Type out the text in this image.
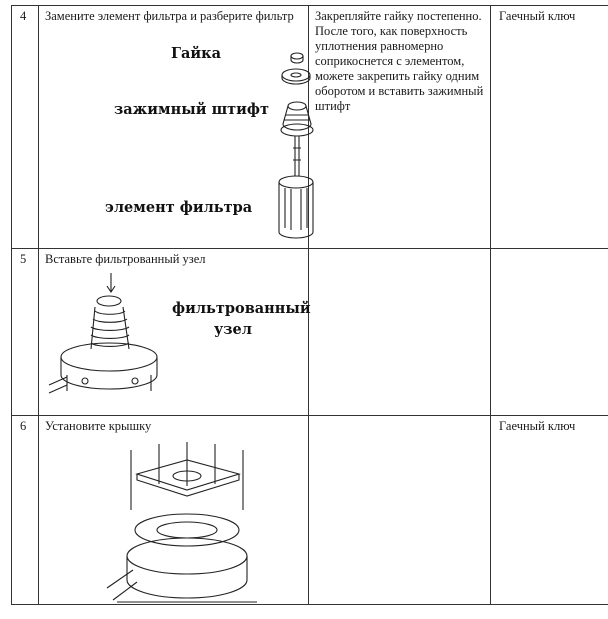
4	Замените элемент фильтра и разберите фильтр
Гайка
зажимный штифт
элемент фильтра	Закрепляйте гайку постепенно. После того, как поверхность уплотнения равномерно соприкоснется с элементом, можете закрепить гайку одним оборотом и вставить зажимный штифт	Гаечный ключ

5	Вставьте фильтрованный узел
фильтрованный
узел		

6	Установите крышку		Гаечный ключ
